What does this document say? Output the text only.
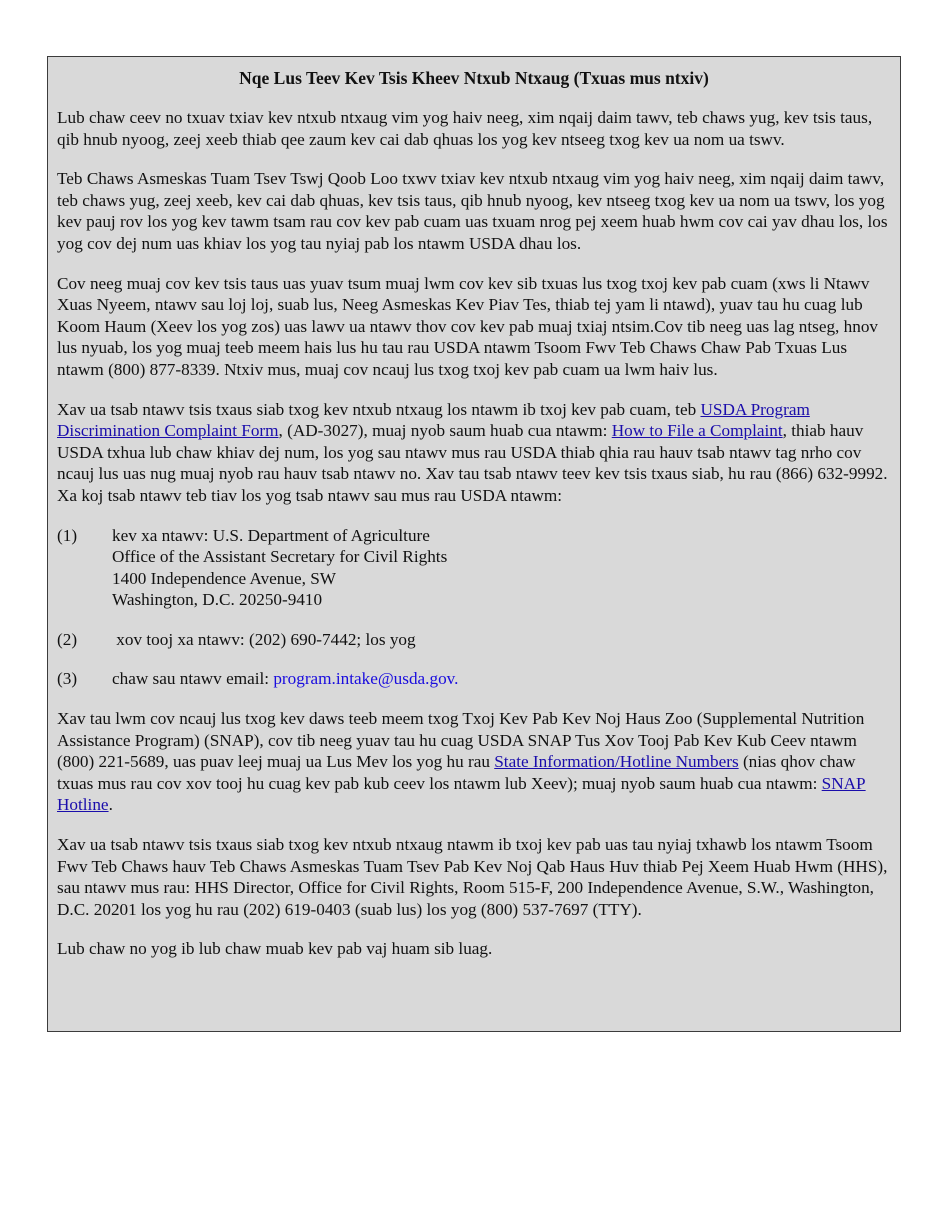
Nqe Lus Teev Kev Tsis Kheev Ntxub Ntxaug (Txuas mus ntxiv)

Lub chaw ceev no txuav txiav kev ntxub ntxaug vim yog haiv neeg, xim nqaij daim tawv, teb chaws yug, kev tsis taus, qib hnub nyoog, zeej xeeb thiab qee zaum kev cai dab qhuas los yog kev ntseeg txog kev ua nom ua tswv.

Teb Chaws Asmeskas Tuam Tsev Tswj Qoob Loo txwv txiav kev ntxub ntxaug vim yog haiv neeg, xim nqaij daim tawv, teb chaws yug, zeej xeeb, kev cai dab qhuas, kev tsis taus, qib hnub nyoog, kev ntseeg txog kev ua nom ua tswv, los yog kev pauj rov los yog kev tawm tsam rau cov kev pab cuam uas txuam nrog pej xeem huab hwm cov cai yav dhau los, los yog cov dej num uas khiav los yog tau nyiaj pab los ntawm USDA dhau los.

Cov neeg muaj cov kev tsis taus uas yuav tsum muaj lwm cov kev sib txuas lus txog txoj kev pab cuam (xws li Ntawv Xuas Nyeem, ntawv sau loj loj, suab lus, Neeg Asmeskas Kev Piav Tes, thiab tej yam li ntawd), yuav tau hu cuag lub Koom Haum (Xeev los yog zos) uas lawv ua ntawv thov cov kev pab muaj txiaj ntsim.Cov tib neeg uas lag ntseg, hnov lus nyuab, los yog muaj teeb meem hais lus hu tau rau USDA ntawm Tsoom Fwv Teb Chaws Chaw Pab Txuas Lus ntawm (800) 877-8339. Ntxiv mus, muaj cov ncauj lus txog txoj kev pab cuam ua lwm haiv lus.

Xav ua tsab ntawv tsis txaus siab txog kev ntxub ntxaug los ntawm ib txoj kev pab cuam, teb USDA Program Discrimination Complaint Form, (AD-3027), muaj nyob saum huab cua ntawm: How to File a Complaint, thiab hauv USDA txhua lub chaw khiav dej num, los yog sau ntawv mus rau USDA thiab qhia rau hauv tsab ntawv tag nrho cov ncauj lus uas nug muaj nyob rau hauv tsab ntawv no. Xav tau tsab ntawv teev kev tsis txaus siab, hu rau (866) 632-9992. Xa koj tsab ntawv teb tiav los yog tsab ntawv sau mus rau USDA ntawm:

(1)	kev xa ntawv: U.S. Department of Agriculture
Office of the Assistant Secretary for Civil Rights
1400 Independence Avenue, SW
Washington, D.C. 20250-9410
(2)	xov tooj xa ntawv: (202) 690-7442; los yog
(3)	chaw sau ntawv email: program.intake@usda.gov.

Xav tau lwm cov ncauj lus txog kev daws teeb meem txog Txoj Kev Pab Kev Noj Haus Zoo (Supplemental Nutrition Assistance Program) (SNAP), cov tib neeg yuav tau hu cuag USDA SNAP Tus Xov Tooj Pab Kev Kub Ceev ntawm (800) 221-5689, uas puav leej muaj ua Lus Mev los yog hu rau State Information/Hotline Numbers (nias qhov chaw txuas mus rau cov xov tooj hu cuag kev pab kub ceev los ntawm lub Xeev); muaj nyob saum huab cua ntawm: SNAP Hotline.

Xav ua tsab ntawv tsis txaus siab txog kev ntxub ntxaug ntawm ib txoj kev pab uas tau nyiaj txhawb los ntawm Tsoom Fwv Teb Chaws hauv Teb Chaws Asmeskas Tuam Tsev Pab Kev Noj Qab Haus Huv thiab Pej Xeem Huab Hwm (HHS), sau ntawv mus rau: HHS Director, Office for Civil Rights, Room 515-F, 200 Independence Avenue, S.W., Washington, D.C. 20201 los yog hu rau (202) 619-0403 (suab lus) los yog (800) 537-7697 (TTY).

Lub chaw no yog ib lub chaw muab kev pab vaj huam sib luag.
